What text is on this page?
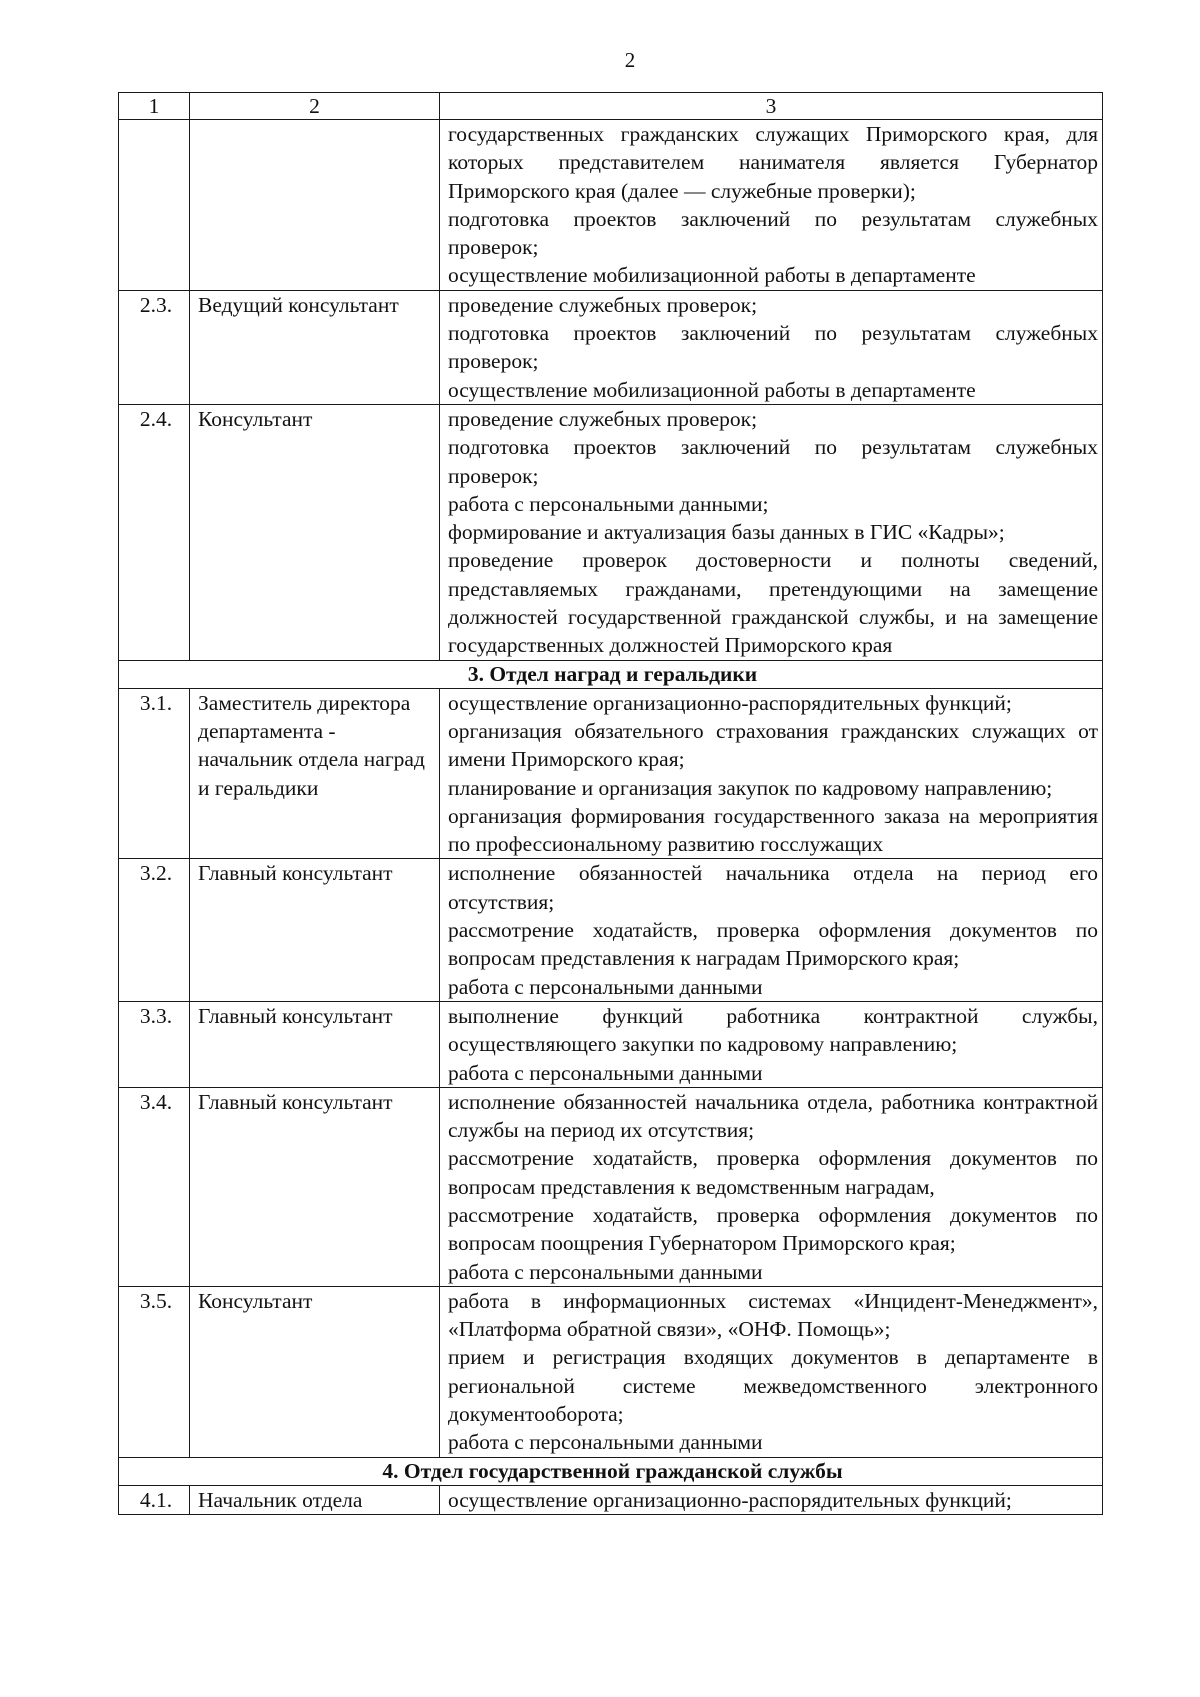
2
1	2	3

		государственных гражданских служащих Приморского края, для которых представителем нанимателя является Губернатор Приморского края (далее — служебные проверки);
подготовка проектов заключений по результатам служебных проверок;
осуществление мобилизационной работы в департаменте

2.3.	Ведущий консультант	проведение служебных проверок;
подготовка проектов заключений по результатам служебных проверок;
осуществление мобилизационной работы в департаменте

2.4.	Консультант	проведение служебных проверок;
подготовка проектов заключений по результатам служебных проверок;
работа с персональными данными;
формирование и актуализация базы данных в ГИС «Кадры»;
проведение проверок достоверности и полноты сведений, представляемых гражданами, претендующими на замещение должностей государственной гражданской службы, и на замещение государственных должностей Приморского края

3. Отдел наград и геральдики		
3.1.	Заместитель директора департамента - начальник отдела наград и геральдики	осуществление организационно-распорядительных функций;
организация обязательного страхования гражданских служащих от имени Приморского края;
планирование и организация закупок по кадровому направлению;
организация формирования государственного заказа на мероприятия по профессиональному развитию госслужащих

3.2.	Главный консультант	исполнение обязанностей начальника отдела на период его отсутствия;
рассмотрение ходатайств, проверка оформления документов по вопросам представления к наградам Приморского края;
работа с персональными данными

3.3.	Главный консультант	выполнение функций работника контрактной службы, осуществляющего закупки по кадровому направлению;
работа с персональными данными

3.4.	Главный консультант	исполнение обязанностей начальника отдела, работника контрактной службы на период их отсутствия;
рассмотрение ходатайств, проверка оформления документов по вопросам представления к ведомственным наградам,
рассмотрение ходатайств, проверка оформления документов по вопросам поощрения Губернатором Приморского края;
работа с персональными данными

3.5.	Консультант	работа в информационных системах «Инцидент-Менеджмент», «Платформа обратной связи», «ОНФ. Помощь»;
прием и регистрация входящих документов в департаменте в региональной системе межведомственного электронного документооборота;
работа с персональными данными

4. Отдел государственной гражданской службы		
4.1.	Начальник отдела	осуществление организационно-распорядительных функций;
